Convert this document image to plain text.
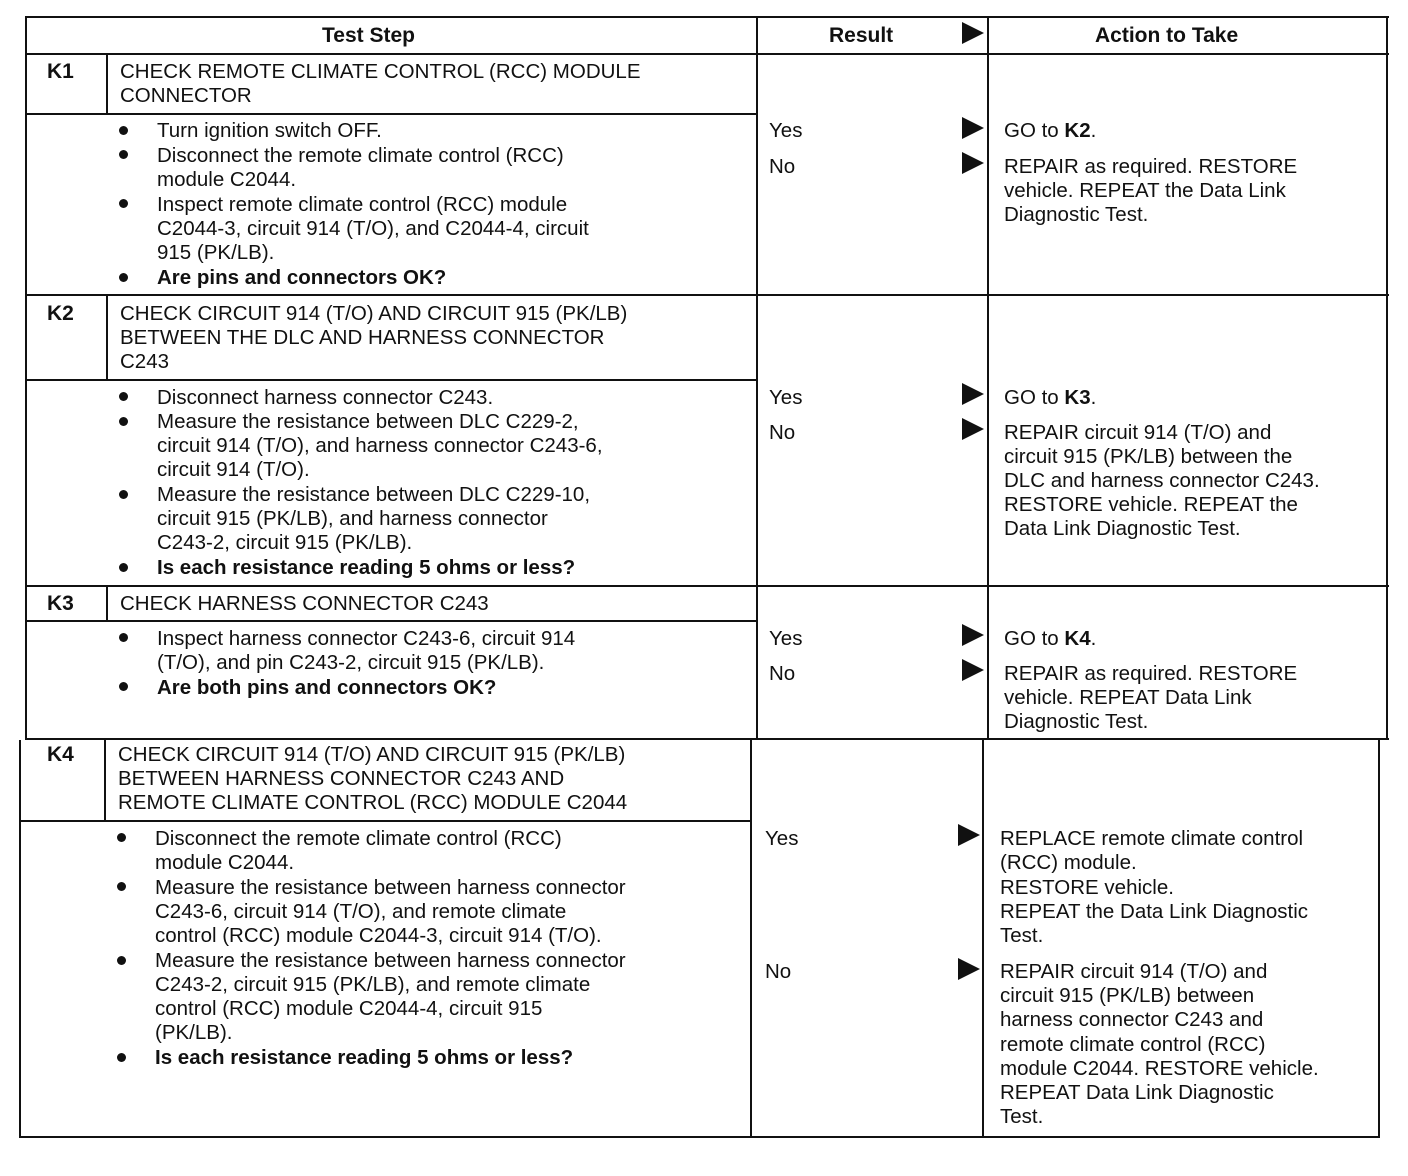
Test Step	Result	Action to Take
K1 CHECK REMOTE CLIMATE CONTROL (RCC) MODULE
CONNECTOR
Turn ignition switch OFF.
Disconnect the remote climate control (RCC)
module C2044.
Inspect remote climate control (RCC) module
C2044-3, circuit 914 (T/O), and C2044-4, circuit
915 (PK/LB).
Are pins and connectors OK?
Yes	GO to K2.
No	REPAIR as required. RESTORE
vehicle. REPEAT the Data Link
Diagnostic Test.
K2 CHECK CIRCUIT 914 (T/O) AND CIRCUIT 915 (PK/LB)
BETWEEN THE DLC AND HARNESS CONNECTOR
C243
Disconnect harness connector C243.
Measure the resistance between DLC C229-2,
circuit 914 (T/O), and harness connector C243-6,
circuit 914 (T/O).
Measure the resistance between DLC C229-10,
circuit 915 (PK/LB), and harness connector
C243-2, circuit 915 (PK/LB).
Is each resistance reading 5 ohms or less?
Yes	GO to K3.
No	REPAIR circuit 914 (T/O) and
circuit 915 (PK/LB) between the
DLC and harness connector C243.
RESTORE vehicle. REPEAT the
Data Link Diagnostic Test.
K3 CHECK HARNESS CONNECTOR C243
Inspect harness connector C243-6, circuit 914
(T/O), and pin C243-2, circuit 915 (PK/LB).
Are both pins and connectors OK?
Yes	GO to K4.
No	REPAIR as required. RESTORE
vehicle. REPEAT Data Link
Diagnostic Test.
K4 CHECK CIRCUIT 914 (T/O) AND CIRCUIT 915 (PK/LB)
BETWEEN HARNESS CONNECTOR C243 AND
REMOTE CLIMATE CONTROL (RCC) MODULE C2044
Disconnect the remote climate control (RCC)
module C2044.
Measure the resistance between harness connector
C243-6, circuit 914 (T/O), and remote climate
control (RCC) module C2044-3, circuit 914 (T/O).
Measure the resistance between harness connector
C243-2, circuit 915 (PK/LB), and remote climate
control (RCC) module C2044-4, circuit 915
(PK/LB).
Is each resistance reading 5 ohms or less?
Yes	REPLACE remote climate control
(RCC) module.
RESTORE vehicle.
REPEAT the Data Link Diagnostic
Test.
No	REPAIR circuit 914 (T/O) and
circuit 915 (PK/LB) between
harness connector C243 and
remote climate control (RCC)
module C2044. RESTORE vehicle.
REPEAT Data Link Diagnostic
Test.
